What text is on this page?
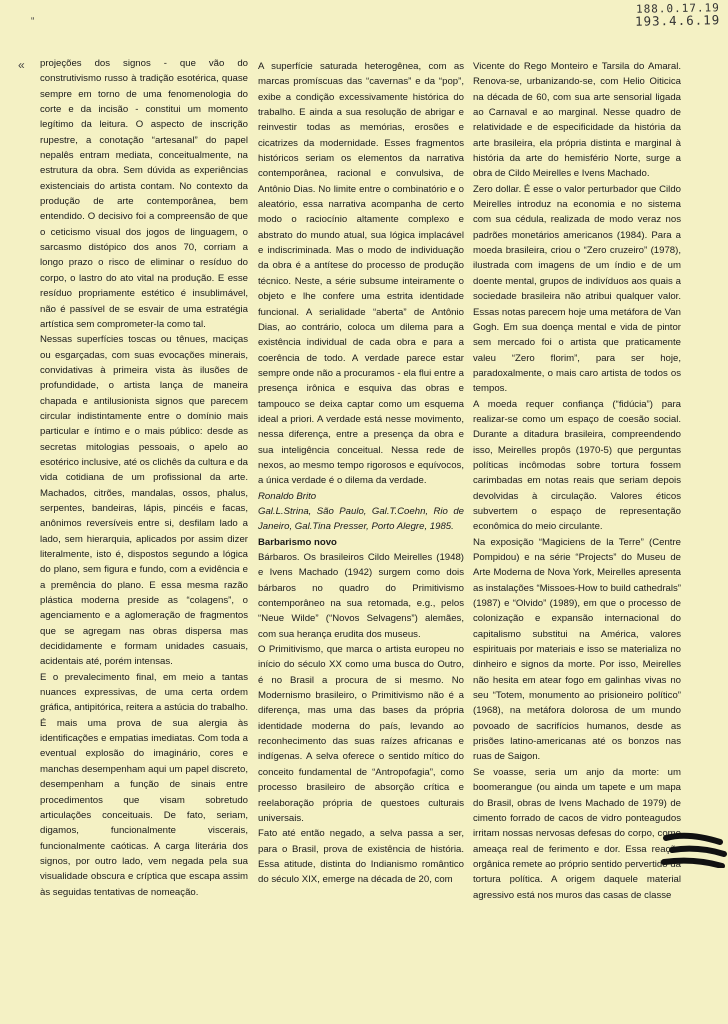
188.0.17.19
193.4.6.19
“
« projeções dos signos - que vão do construtivismo russo à tradição esotérica, quase sempre em torno de uma fenomenologia do corte e da incisão - constitui um momento legítimo da leitura. O aspecto de inscrição rupestre, a conotação “artesanal” do papel nepalês entram mediata, conceitualmente, na estrutura da obra. Sem dúvida as experiências existenciais do artista contam. No contexto da produção de arte contemporânea, bem entendido. O decisivo foi a compreensão de que o ceticismo visual dos jogos de linguagem, o sarcasmo distópico dos anos 70, corriam a longo prazo o risco de eliminar o resíduo do corpo, o lastro do ato vital na produção. E esse resíduo propriamente estético é insublimável, não é passível de se esvair de uma estratégia artística sem comprometer-la como tal.

Nessas superfícies toscas ou tênues, maciças ou esgarçadas, com suas evocações minerais, convidativas à primeira vista às ilusões de profundidade, o artista lança de maneira chapada e antilusionista signos que parecem circular indistintamente entre o domínio mais particular e íntimo e o mais público: desde as secretas mitologias pessoais, o apelo ao esotérico inclusive, até os clichês da cultura e da vida cotidiana de um profissional da arte. Machados, citrões, mandalas, ossos, phalus, serpentes, bandeiras, lápis, pincéis e facas, anônimos reversíveis entre si, desfilam lado a lado, sem hierarquia, aplicados por assim dizer literalmente, isto é, dispostos segundo a lógica do plano, sem figura e fundo, com a evidência e a premência do plano. E essa mesma razão plástica moderna preside as “colagens”, o agenciamento e a aglomeração de fragmentos que se agregam nas obras dispersa mas decididamente e formam unidades casuais, acidentais até, porém intensas.

E o prevalecimento final, em meio a tantas nuances expressivas, de uma certa ordem gráfica, antipitórica, reitera a astúcia do trabalho. É mais uma prova de sua alergia às identificações e empatias imediatas. Com toda a eventual explosão do imaginário, cores e manchas desempenham aqui um papel discreto, desempenham a função de sinais entre procedimentos que visam sobretudo articulações conceituais. De fato, seriam, digamos, funcionalmente viscerais, funcionalmente caóticas. A carga literária dos signos, por outro lado, vem negada pela sua visualidade obscura e críptica que escapa assim às seguidas tentativas de nomeação.

A superfície saturada heterogênea, com as marcas promíscuas das “cavernas” e da “pop”, exibe a condição excessivamente histórica do trabalho. E ainda a sua resolução de abrigar e reinvestir todas as memórias, erosões e cicatrizes da modernidade. Esses fragmentos históricos seriam os elementos da narrativa contemporânea, racional e convulsiva, de Antônio Dias. No limite entre o combinatório e o aleatório, essa narrativa acompanha de certo modo o raciocínio altamente complexo e abstrato do mundo atual, sua lógica implacável e indiscriminada. Mas o modo de individuação da obra é a antítese do processo de produção técnico. Neste, a série subsume inteiramente o objeto e lhe confere uma estrita identidade funcional. A serialidade “aberta” de Antônio Dias, ao contrário, coloca um dilema para a existência individual de cada obra e para a coerência de todo. A verdade parece estar sempre onde não a procuramos - ela flui entre a presença irônica e esquiva das obras e tampouco se deixa captar como um esquema ideal a priori. A verdade está nesse movimento, nessa diferença, entre a presença da obra e sua inteligência conceitual. Nessa rede de nexos, ao mesmo tempo rigorosos e equívocos, a única verdade é o dilema da verdade.

Ronaldo Brito

Gal.L.Strina, São Paulo, Gal.T.Coehn, Rio de Janeiro, Gal.Tina Presser, Porto Alegre, 1985.

Barbarismo novo

Bárbaros. Os brasileiros Cildo Meirelles (1948) e Ivens Machado (1942) surgem como dois bárbaros no quadro do Primitivismo contemporâneo na sua retomada, e.g., pelos “Neue Wilde” (“Novos Selvagens”) alemães, com sua herança erudita dos museus.

O Primitivismo, que marca o artista europeu no início do século XX como uma busca do Outro, é no Brasil a procura de si mesmo. No Modernismo brasileiro, o Primitivismo não é a diferença, mas uma das bases da própria identidade moderna do país, levando ao reconhecimento das suas raízes africanas e indígenas. A selva oferece o sentido mítico do conceito fundamental de “Antropofagia”, como processo brasileiro de absorção crítica e reelaboração própria de questoes culturais universais.

Fato até então negado, a selva passa a ser, para o Brasil, prova de existência de história. Essa atitude, distinta do Indianismo romântico do século XIX, emerge na década de 20, com

Vicente do Rego Monteiro e Tarsila do Amaral. Renova-se, urbanizando-se, com Helio Oiticica na década de 60, com sua arte sensorial ligada ao Carnaval e ao marginal. Nesse quadro de relatividade e de especificidade da história da arte brasileira, ela própria distinta e marginal à história da arte do hemisfério Norte, surge a obra de Cildo Meirelles e Ivens Machado.

Zero dollar. É esse o valor perturbador que Cildo Meirelles introduz na economia e no sistema com sua cédula, realizada de modo veraz nos padrões monetários americanos (1984). Para a moeda brasileira, criou o “Zero cruzeiro” (1978), ilustrada com imagens de um índio e de um doente mental, grupos de indivíduos aos quais a sociedade brasileira não atribui qualquer valor. Essas notas parecem hoje uma metáfora de Van Gogh. Em sua doença mental e vida de pintor sem mercado foi o artista que praticamente valeu “Zero florim”, para ser hoje, paradoxalmente, o mais caro artista de todos os tempos.

A moeda requer confiança (“fidúcia”) para realizar-se como um espaço de coesão social. Durante a ditadura brasileira, compreendendo isso, Meirelles propôs (1970-5) que perguntas políticas incômodas sobre tortura fossem carimbadas em notas reais que seriam depois devolvidas à circulação. Valores éticos subvertem o espaço de representação econômica do meio circulante.

Na exposição “Magiciens de la Terre” (Centre Pompidou) e na série “Projects” do Museu de Arte Moderna de Nova York, Meirelles apresenta as instalações “Missoes-How to build cathedrals” (1987) e “Olvido” (1989), em que o processo de colonização e expansão internacional do capitalismo substitui na América, valores espirituais por materiais e isso se materializa no dinheiro e signos da morte. Por isso, Meirelles não hesita em atear fogo em galinhas vivas no seu “Totem, monumento ao prisioneiro político” (1968), na metáfora dolorosa de um mundo povoado de sacrifícios humanos, desde as prisões latino-americanas até os bonzos nas ruas de Saigon.

Se voasse, seria um anjo da morte: um boomerangue (ou ainda um tapete e um mapa do Brasil, obras de Ivens Machado de 1979) de cimento forrado de cacos de vidro ponteagudos irritam nossas nervosas defesas do corpo, como ameaça real de ferimento e dor. Essa reação orgânica remete ao próprio sentido pervertido da tortura política. A origem daquele material agressivo está nos muros das casas de classe
